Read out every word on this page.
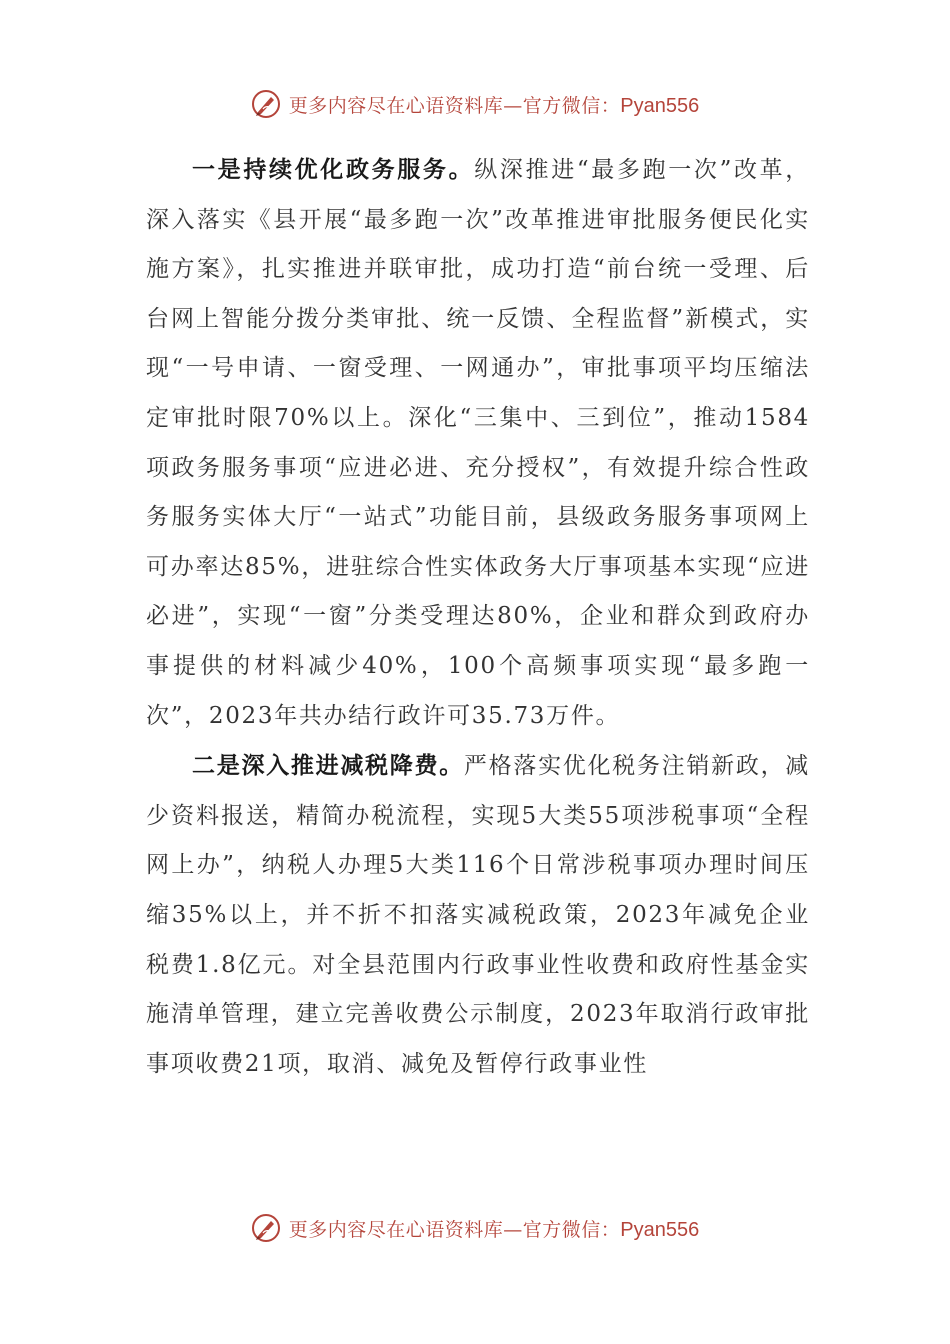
更多内容尽在心语资料库—官方微信：Pyan556

一是持续优化政务服务。纵深推进“最多跑一次”改革，深入落实《县开展“最多跑一次”改革推进审批服务便民化实施方案》，扎实推进并联审批，成功打造“前台统一受理、后台网上智能分拨分类审批、统一反馈、全程监督”新模式，实现“一号申请、一窗受理、一网通办”，审批事项平均压缩法定审批时限70%以上。深化“三集中、三到位”，推动1584项政务服务事项“应进必进、充分授权”，有效提升综合性政务服务实体大厅“一站式”功能目前，县级政务服务事项网上可办率达85%，进驻综合性实体政务大厅事项基本实现“应进必进”，实现“一窗”分类受理达80%，企业和群众到政府办事提供的材料减少40%，100个高频事项实现“最多跑一次”，2023年共办结行政许可35.73万件。

二是深入推进减税降费。严格落实优化税务注销新政，减少资料报送，精简办税流程，实现5大类55项涉税事项“全程网上办”，纳税人办理5大类116个日常涉税事项办理时间压缩35%以上，并不折不扣落实减税政策，2023年减免企业税费1.8亿元。对全县范围内行政事业性收费和政府性基金实施清单管理，建立完善收费公示制度，2023年取消行政审批事项收费21项，取消、减免及暂停行政事业性

更多内容尽在心语资料库—官方微信：Pyan556
